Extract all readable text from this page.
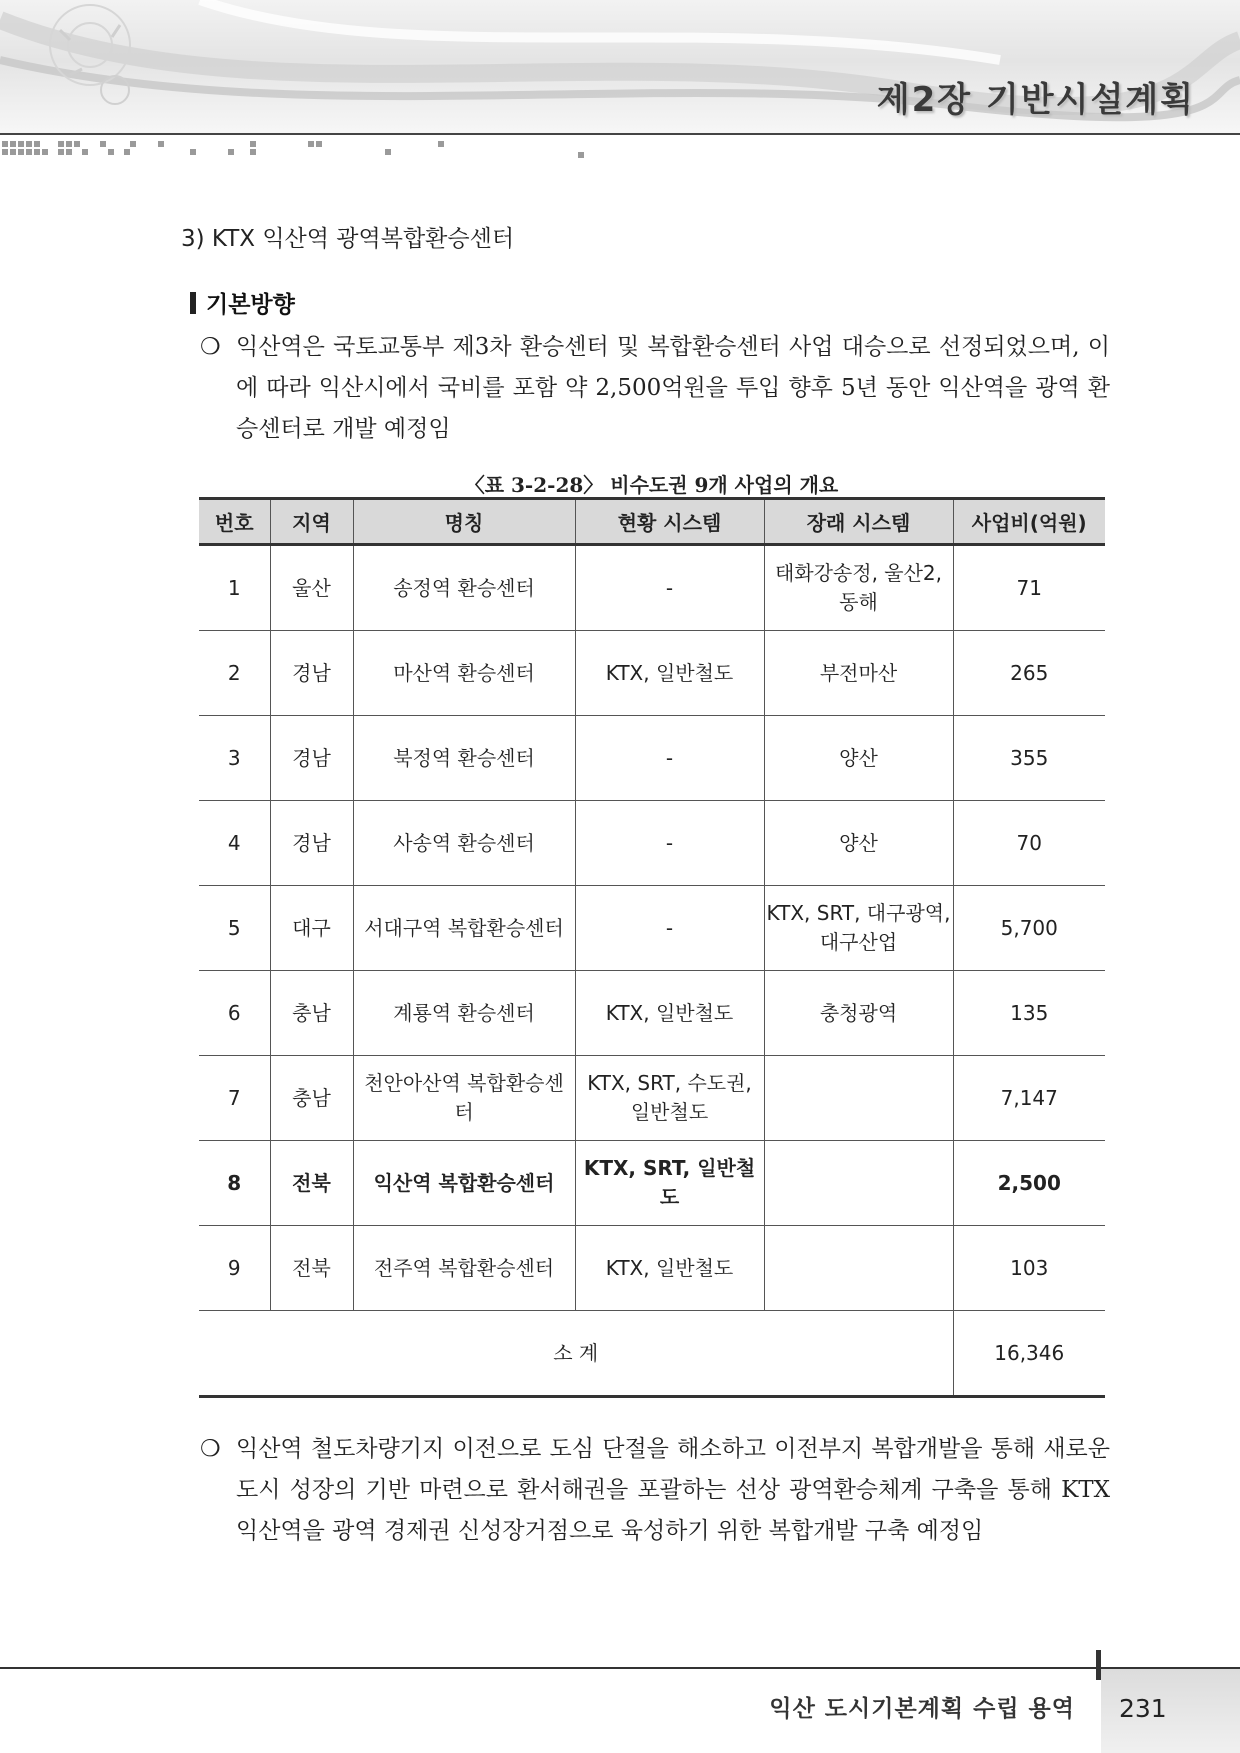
제2장 기반시설계획
3) KTX 익산역 광역복합환승센터
기본방향
❍ 익산역은 국토교통부 제3차 환승센터 및 복합환승센터 사업 대승으로 선정되었으며, 이에 따라 익산시에서 국비를 포함 약 2,500억원을 투입 향후 5년 동안 익산역을 광역 환승센터로 개발 예정임
〈표 3-2-28〉 비수도권 9개 사업의 개요
번호	지역	명칭	현황 시스템	장래 시스템	사업비(억원)
1	울산	송정역 환승센터	-	태화강송정, 울산2, 동해	71
2	경남	마산역 환승센터	KTX, 일반철도	부전마산	265
3	경남	북정역 환승센터	-	양산	355
4	경남	사송역 환승센터	-	양산	70
5	대구	서대구역 복합환승센터	-	KTX, SRT, 대구광역, 대구산업	5,700
6	충남	계룡역 환승센터	KTX, 일반철도	충청광역	135
7	충남	천안아산역 복합환승센터	KTX, SRT, 수도권, 일반철도		7,147
8	전북	익산역 복합환승센터	KTX, SRT, 일반철도		2,500
9	전북	전주역 복합환승센터	KTX, 일반철도		103
소 계					16,346
❍ 익산역 철도차량기지 이전으로 도심 단절을 해소하고 이전부지 복합개발을 통해 새로운 도시 성장의 기반 마련으로 환서해권을 포괄하는 선상 광역환승체계 구축을 통해 KTX 익산역을 광역 경제권 신성장거점으로 육성하기 위한 복합개발 구축 예정임
익산 도시기본계획 수립 용역 231
